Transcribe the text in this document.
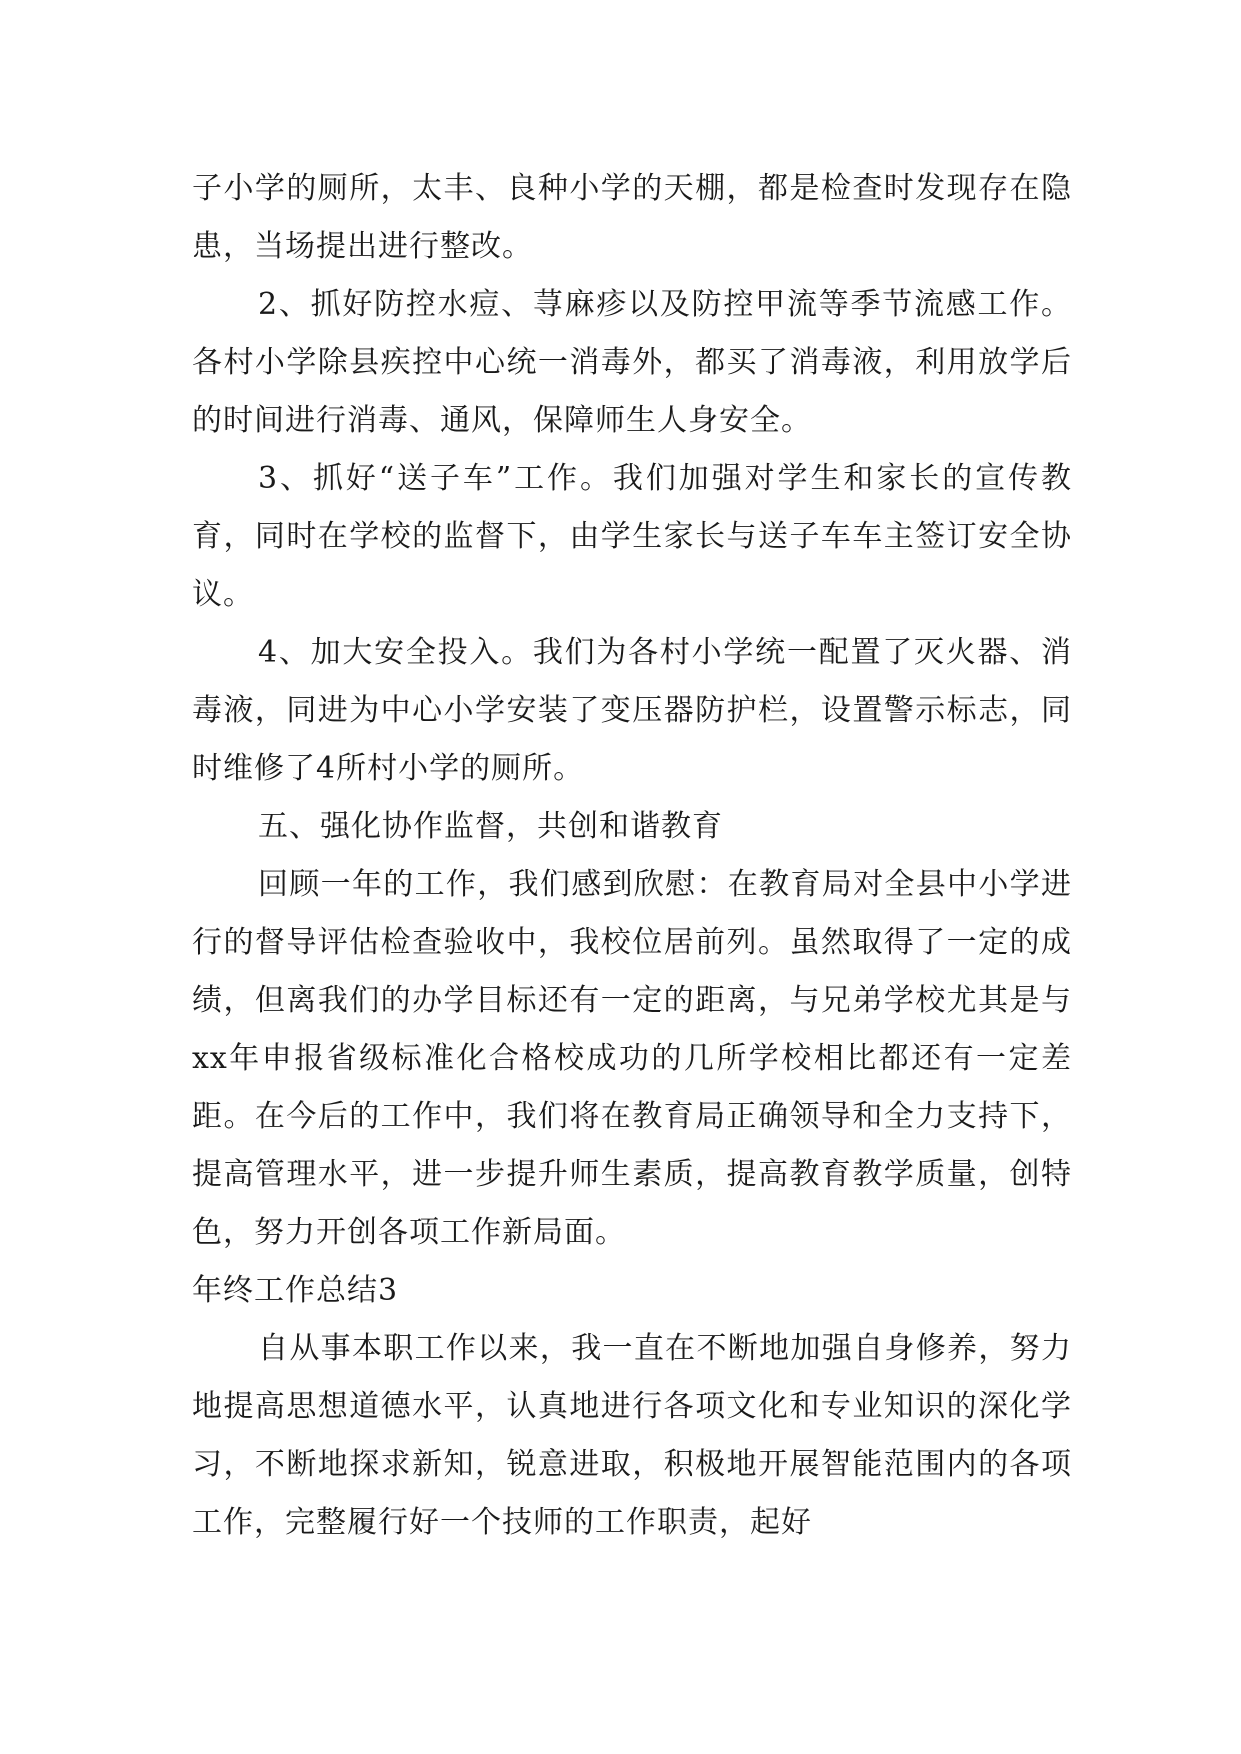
子小学的厕所，太丰、良种小学的天棚，都是检查时发现存在隐患，当场提出进行整改。

2、抓好防控水痘、荨麻疹以及防控甲流等季节流感工作。各村小学除县疾控中心统一消毒外，都买了消毒液，利用放学后的时间进行消毒、通风，保障师生人身安全。

3、抓好“送子车”工作。我们加强对学生和家长的宣传教育，同时在学校的监督下，由学生家长与送子车车主签订安全协议。

4、加大安全投入。我们为各村小学统一配置了灭火器、消毒液，同进为中心小学安装了变压器防护栏，设置警示标志，同时维修了4所村小学的厕所。

五、强化协作监督，共创和谐教育

回顾一年的工作，我们感到欣慰：在教育局对全县中小学进行的督导评估检查验收中，我校位居前列。虽然取得了一定的成绩，但离我们的办学目标还有一定的距离，与兄弟学校尤其是与xx年申报省级标准化合格校成功的几所学校相比都还有一定差距。在今后的工作中，我们将在教育局正确领导和全力支持下，提高管理水平，进一步提升师生素质，提高教育教学质量，创特色，努力开创各项工作新局面。

年终工作总结3

自从事本职工作以来，我一直在不断地加强自身修养，努力地提高思想道德水平，认真地进行各项文化和专业知识的深化学习，不断地探求新知，锐意进取，积极地开展智能范围内的各项工作，完整履行好一个技师的工作职责，起好
